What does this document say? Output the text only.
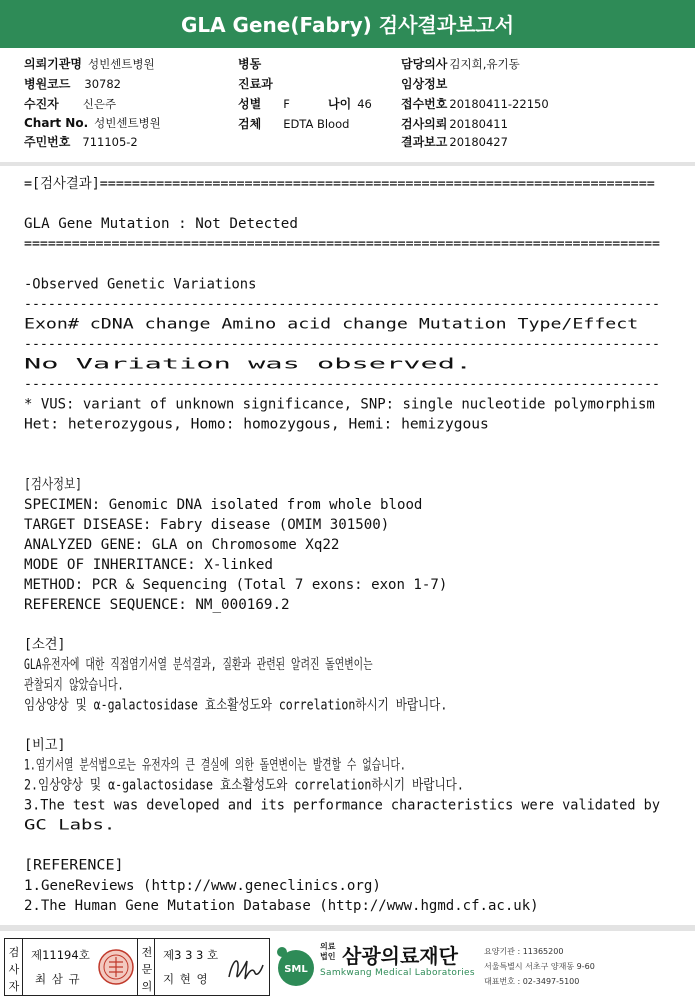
GLA Gene(Fabry) 검사결과보고서
의뢰기관명 성빈센트병원
병원코드 30782
수진자 신은주
Chart No. 성빈센트병원
주민번호 711105-2
병동
진료과
성별 F	나이 46
검체 EDTA Blood
담당의사 김지희,유기동
임상정보
접수번호 20180411-22150
검사의뢰 20180411
결과보고 20180427
=[검사결과]=====================================================================
GLA Gene Mutation : Not Detected
================================================================================
-Observed Genetic Variations
--------------------------------------------------------------------------------
Exon# cDNA change Amino acid change Mutation Type/Effect
--------------------------------------------------------------------------------
No Variation was observed.
--------------------------------------------------------------------------------
* VUS: variant of unknown significance, SNP: single nucleotide polymorphism
Het: heterozygous, Homo: homozygous, Hemi: hemizygous
[검사정보]
SPECIMEN: Genomic DNA isolated from whole blood
TARGET DISEASE: Fabry disease (OMIM 301500)
ANALYZED GENE: GLA on Chromosome Xq22
MODE OF INHERITANCE: X-linked
METHOD: PCR & Sequencing (Total 7 exons: exon 1-7)
REFERENCE SEQUENCE: NM_000169.2
[소견]
GLA유전자에 대한 직접염기서열 분석결과, 질환과 관련된 알려진 돌연변이는
관찰되지 않았습니다.
임상양상 및 α-galactosidase 효소활성도와 correlation하시기 바랍니다.
[비고]
1.염기서열 분석법으로는 유전자의 큰 결실에 의한 돌연변이는 발견할 수 없습니다.
2.임상양상 및 α-galactosidase 효소활성도와 correlation하시기 바랍니다.
3.The test was developed and its performance characteristics were validated by
GC Labs.
[REFERENCE]
1.GeneReviews (http://www.geneclinics.org)
2.The Human Gene Mutation Database (http://www.hgmd.cf.ac.uk)
검 사 자
제11194호
최 삼 규
전 문 의
제3 3 3 호
지 현 영
SML
의료
법인 삼광의료재단
Samkwang Medical Laboratories
요양기관 : 11365200
서울특별시 서초구 양재동 9-60
대표번호 : 02-3497-5100
